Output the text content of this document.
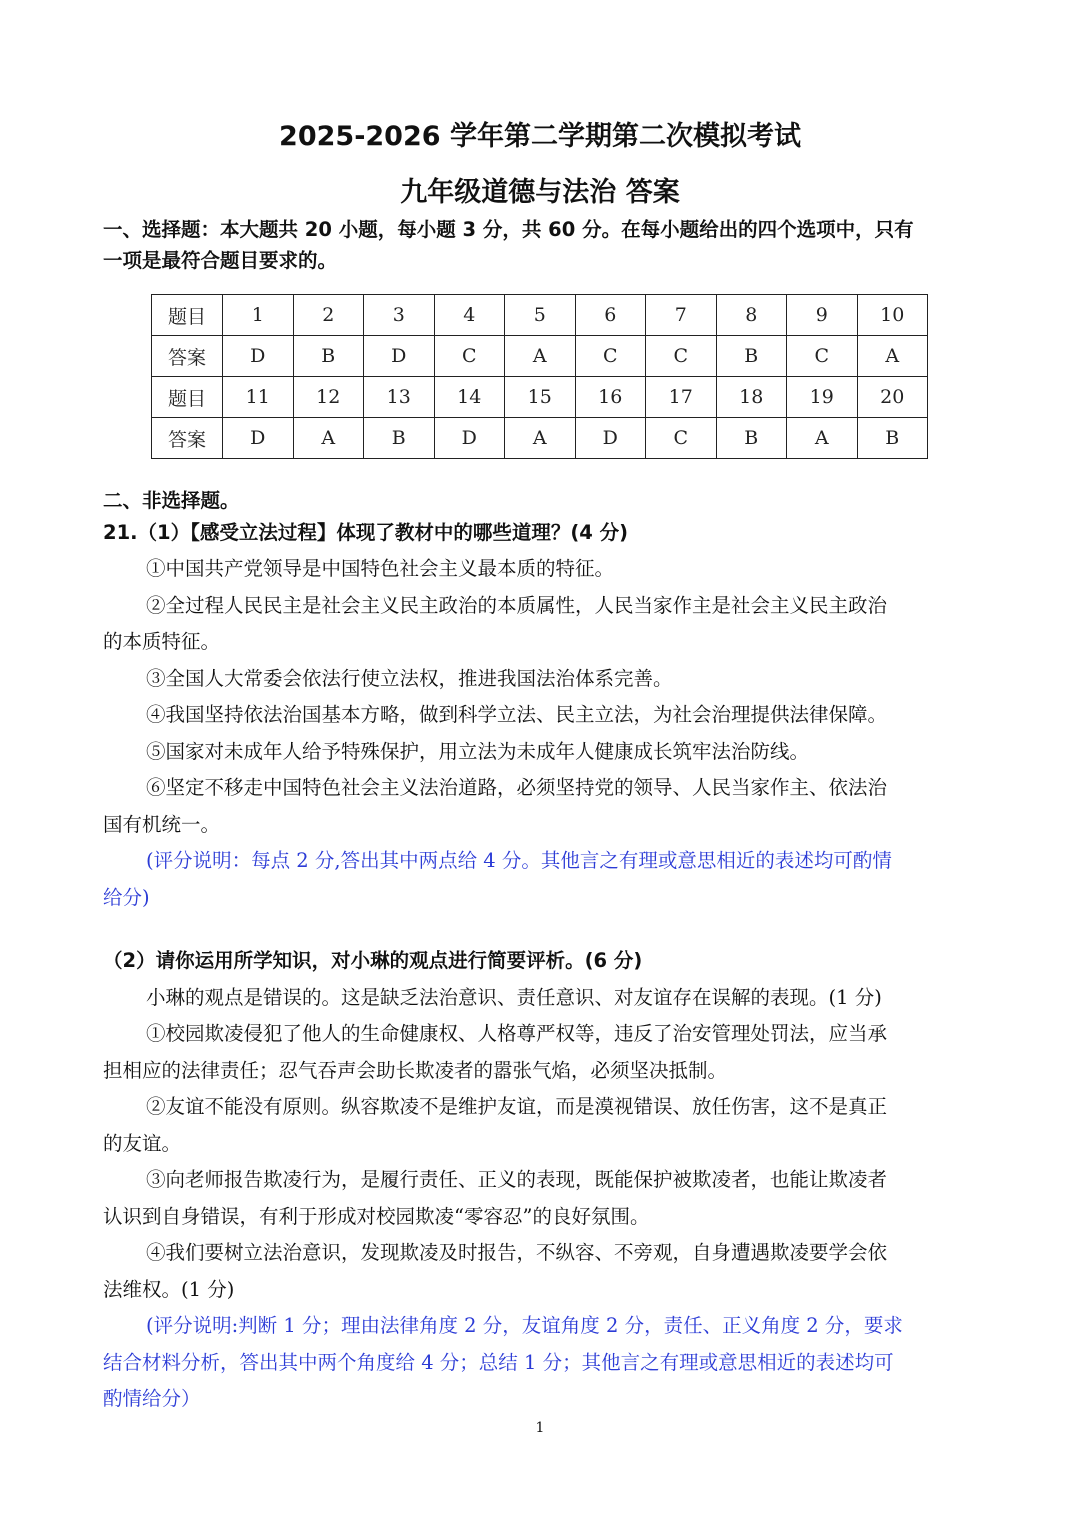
2025-2026 学年第二学期第二次模拟考试
九年级道德与法治 答案
一、选择题：本大题共 20 小题，每小题 3 分，共 60 分。在每小题给出的四个选项中，只有
一项是最符合题目要求的。
题目	1	2	3	4	5	6	7	8	9	10
答案	D	B	D	C	A	C	C	B	C	A
题目	11	12	13	14	15	16	17	18	19	20
答案	D	A	B	D	A	D	C	B	A	B
二、非选择题。
21.（1）【感受立法过程】体现了教材中的哪些道理？(4 分)
①中国共产党领导是中国特色社会主义最本质的特征。
②全过程人民民主是社会主义民主政治的本质属性，人民当家作主是社会主义民主政治
的本质特征。
③全国人大常委会依法行使立法权，推进我国法治体系完善。
④我国坚持依法治国基本方略，做到科学立法、民主立法，为社会治理提供法律保障。
⑤国家对未成年人给予特殊保护，用立法为未成年人健康成长筑牢法治防线。
⑥坚定不移走中国特色社会主义法治道路，必须坚持党的领导、人民当家作主、依法治
国有机统一。
(评分说明：每点 2 分,答出其中两点给 4 分。其他言之有理或意思相近的表述均可酌情
给分)
（2）请你运用所学知识，对小琳的观点进行简要评析。(6 分)
小琳的观点是错误的。这是缺乏法治意识、责任意识、对友谊存在误解的表现。(1 分)
①校园欺凌侵犯了他人的生命健康权、人格尊严权等，违反了治安管理处罚法，应当承
担相应的法律责任；忍气吞声会助长欺凌者的嚣张气焰，必须坚决抵制。
②友谊不能没有原则。纵容欺凌不是维护友谊，而是漠视错误、放任伤害，这不是真正
的友谊。
③向老师报告欺凌行为，是履行责任、正义的表现，既能保护被欺凌者，也能让欺凌者
认识到自身错误，有利于形成对校园欺凌“零容忍”的良好氛围。
④我们要树立法治意识，发现欺凌及时报告，不纵容、不旁观，自身遭遇欺凌要学会依
法维权。(1 分)
(评分说明:判断 1 分；理由法律角度 2 分，友谊角度 2 分，责任、正义角度 2 分，要求
结合材料分析，答出其中两个角度给 4 分；总结 1 分；其他言之有理或意思相近的表述均可
酌情给分）
1
